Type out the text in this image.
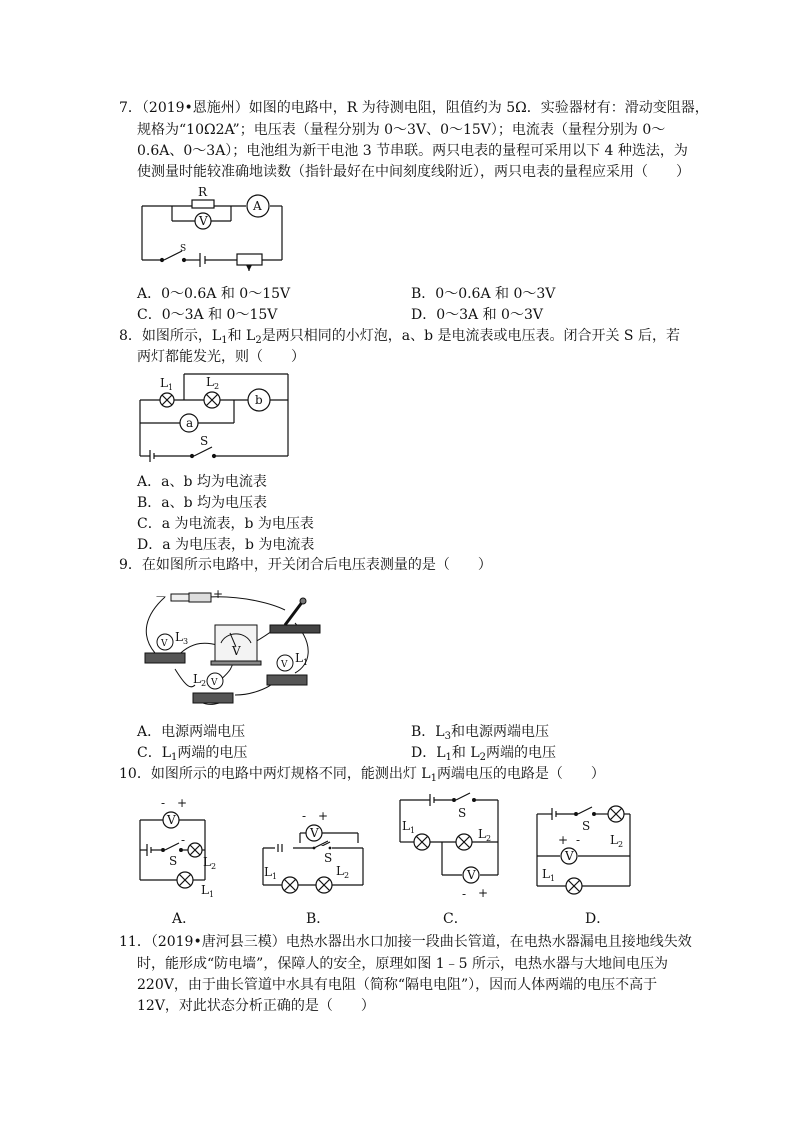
7．（2019•恩施州）如图的电路中，R 为待测电阻，阻值约为 5Ω．实验器材有：滑动变阻器，
规格为“10Ω2A”；电压表（量程分别为 0～3V、0～15V）；电流表（量程分别为 0～
0.6A、0～3A）；电池组为新干电池 3 节串联。两只电表的量程可采用以下 4 种选法，为
使测量时能较准确地读数（指针最好在中间刻度线附近），两只电表的量程应采用（　　）
R
V
A
S
A．0～0.6A 和 0～15V	B．0～0.6A 和 0～3V
C．0～3A 和 0～15V	D．0～3A 和 0～3V
8．如图所示，$L_1$和 $L_2$是两只相同的小灯泡，a、b 是电流表或电压表。闭合开关 S 后，若
两灯都能发光，则（　　）
$L_1$	$L_2$
a
b
S
A．a、b 均为电流表
B．a、b 均为电压表
C．a 为电流表，b 为电压表
D．a 为电压表，b 为电流表
9．在如图所示电路中，开关闭合后电压表测量的是（　　）
－	+
V
V $L_3$
V $L_1$
V
$L_2$
A．电源两端电压	B．$L_3$和电源两端电压
C．$L_1$两端的电压	D．$L_1$和 $L_2$两端的电压
10．如图所示的电路中两灯规格不同，能测出灯 $L_1$两端电压的电路是（　　）
- +
V
S
-
$L_2$
$L_1$
A．
- +
V
S
$L_1$	$L_2$
B．
S
$L_1$	$L_2$
V
- +
C．
S
+ -
V
$L_2$
$L_1$
D．
11．（2019•唐河县三模）电热水器出水口加接一段曲长管道，在电热水器漏电且接地线失效
时，能形成“防电墙”，保障人的安全，原理如图 1﹣5 所示，电热水器与大地间电压为
220V，由于曲长管道中水具有电阻（简称“隔电电阻”），因而人体两端的电压不高于
12V，对此状态分析正确的是（　　）
